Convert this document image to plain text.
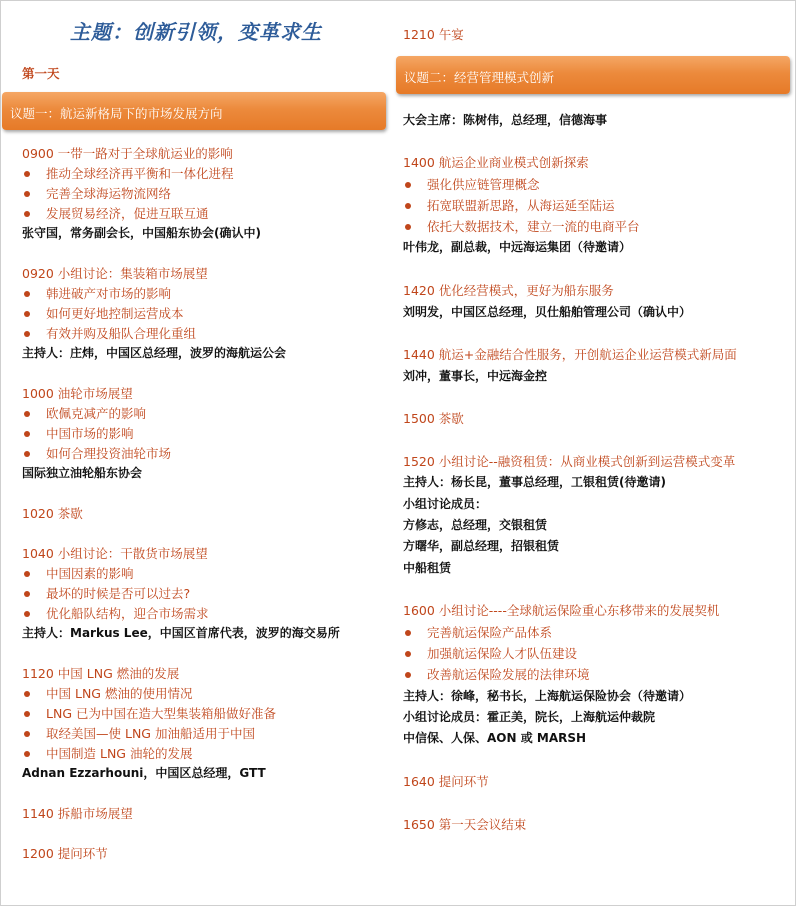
主题：创新引领，变革求生
第一天
议题一：航运新格局下的市场发展方向
0900 一带一路对于全球航运业的影响
推动全球经济再平衡和一体化进程
完善全球海运物流网络
发展贸易经济，促进互联互通
张守国，常务副会长，中国船东协会(确认中)
0920 小组讨论：集装箱市场展望
韩进破产对市场的影响
如何更好地控制运营成本
有效并购及船队合理化重组
主持人：庄炜，中国区总经理，波罗的海航运公会
1000 油轮市场展望
欧佩克减产的影响
中国市场的影响
如何合理投资油轮市场
国际独立油轮船东协会
1020 茶歇
1040 小组讨论：干散货市场展望
中国因素的影响
最坏的时候是否可以过去?
优化船队结构，迎合市场需求
主持人：Markus Lee，中国区首席代表，波罗的海交易所
1120 中国 LNG 燃油的发展
中国 LNG 燃油的使用情况
LNG 已为中国在造大型集装箱船做好准备
取经美国—使 LNG 加油船适用于中国
中国制造 LNG 油轮的发展
Adnan Ezzarhouni，中国区总经理，GTT
1140 拆船市场展望
1200 提问环节
1210 午宴
议题二：经营管理模式创新
大会主席：陈树伟，总经理，信德海事
1400 航运企业商业模式创新探索
强化供应链管理概念
拓宽联盟新思路，从海运延至陆运
依托大数据技术，建立一流的电商平台
叶伟龙，副总裁，中远海运集团（待邀请）
1420 优化经营模式，更好为船东服务
刘明发，中国区总经理，贝仕船舶管理公司（确认中）
1440 航运+金融结合性服务，开创航运企业运营模式新局面
刘冲，董事长，中远海金控
1500 茶歇
1520 小组讨论--融资租赁：从商业模式创新到运营模式变革
主持人：杨长昆，董事总经理，工银租赁(待邀请)
小组讨论成员：
方修志，总经理，交银租赁
方曙华，副总经理，招银租赁
中船租赁
1600 小组讨论----全球航运保险重心东移带来的发展契机
完善航运保险产品体系
加强航运保险人才队伍建设
改善航运保险发展的法律环境
主持人：徐峰，秘书长，上海航运保险协会（待邀请）
小组讨论成员：霍正美，院长，上海航运仲裁院
中信保、人保、AON 或 MARSH
1640 提问环节
1650 第一天会议结束
